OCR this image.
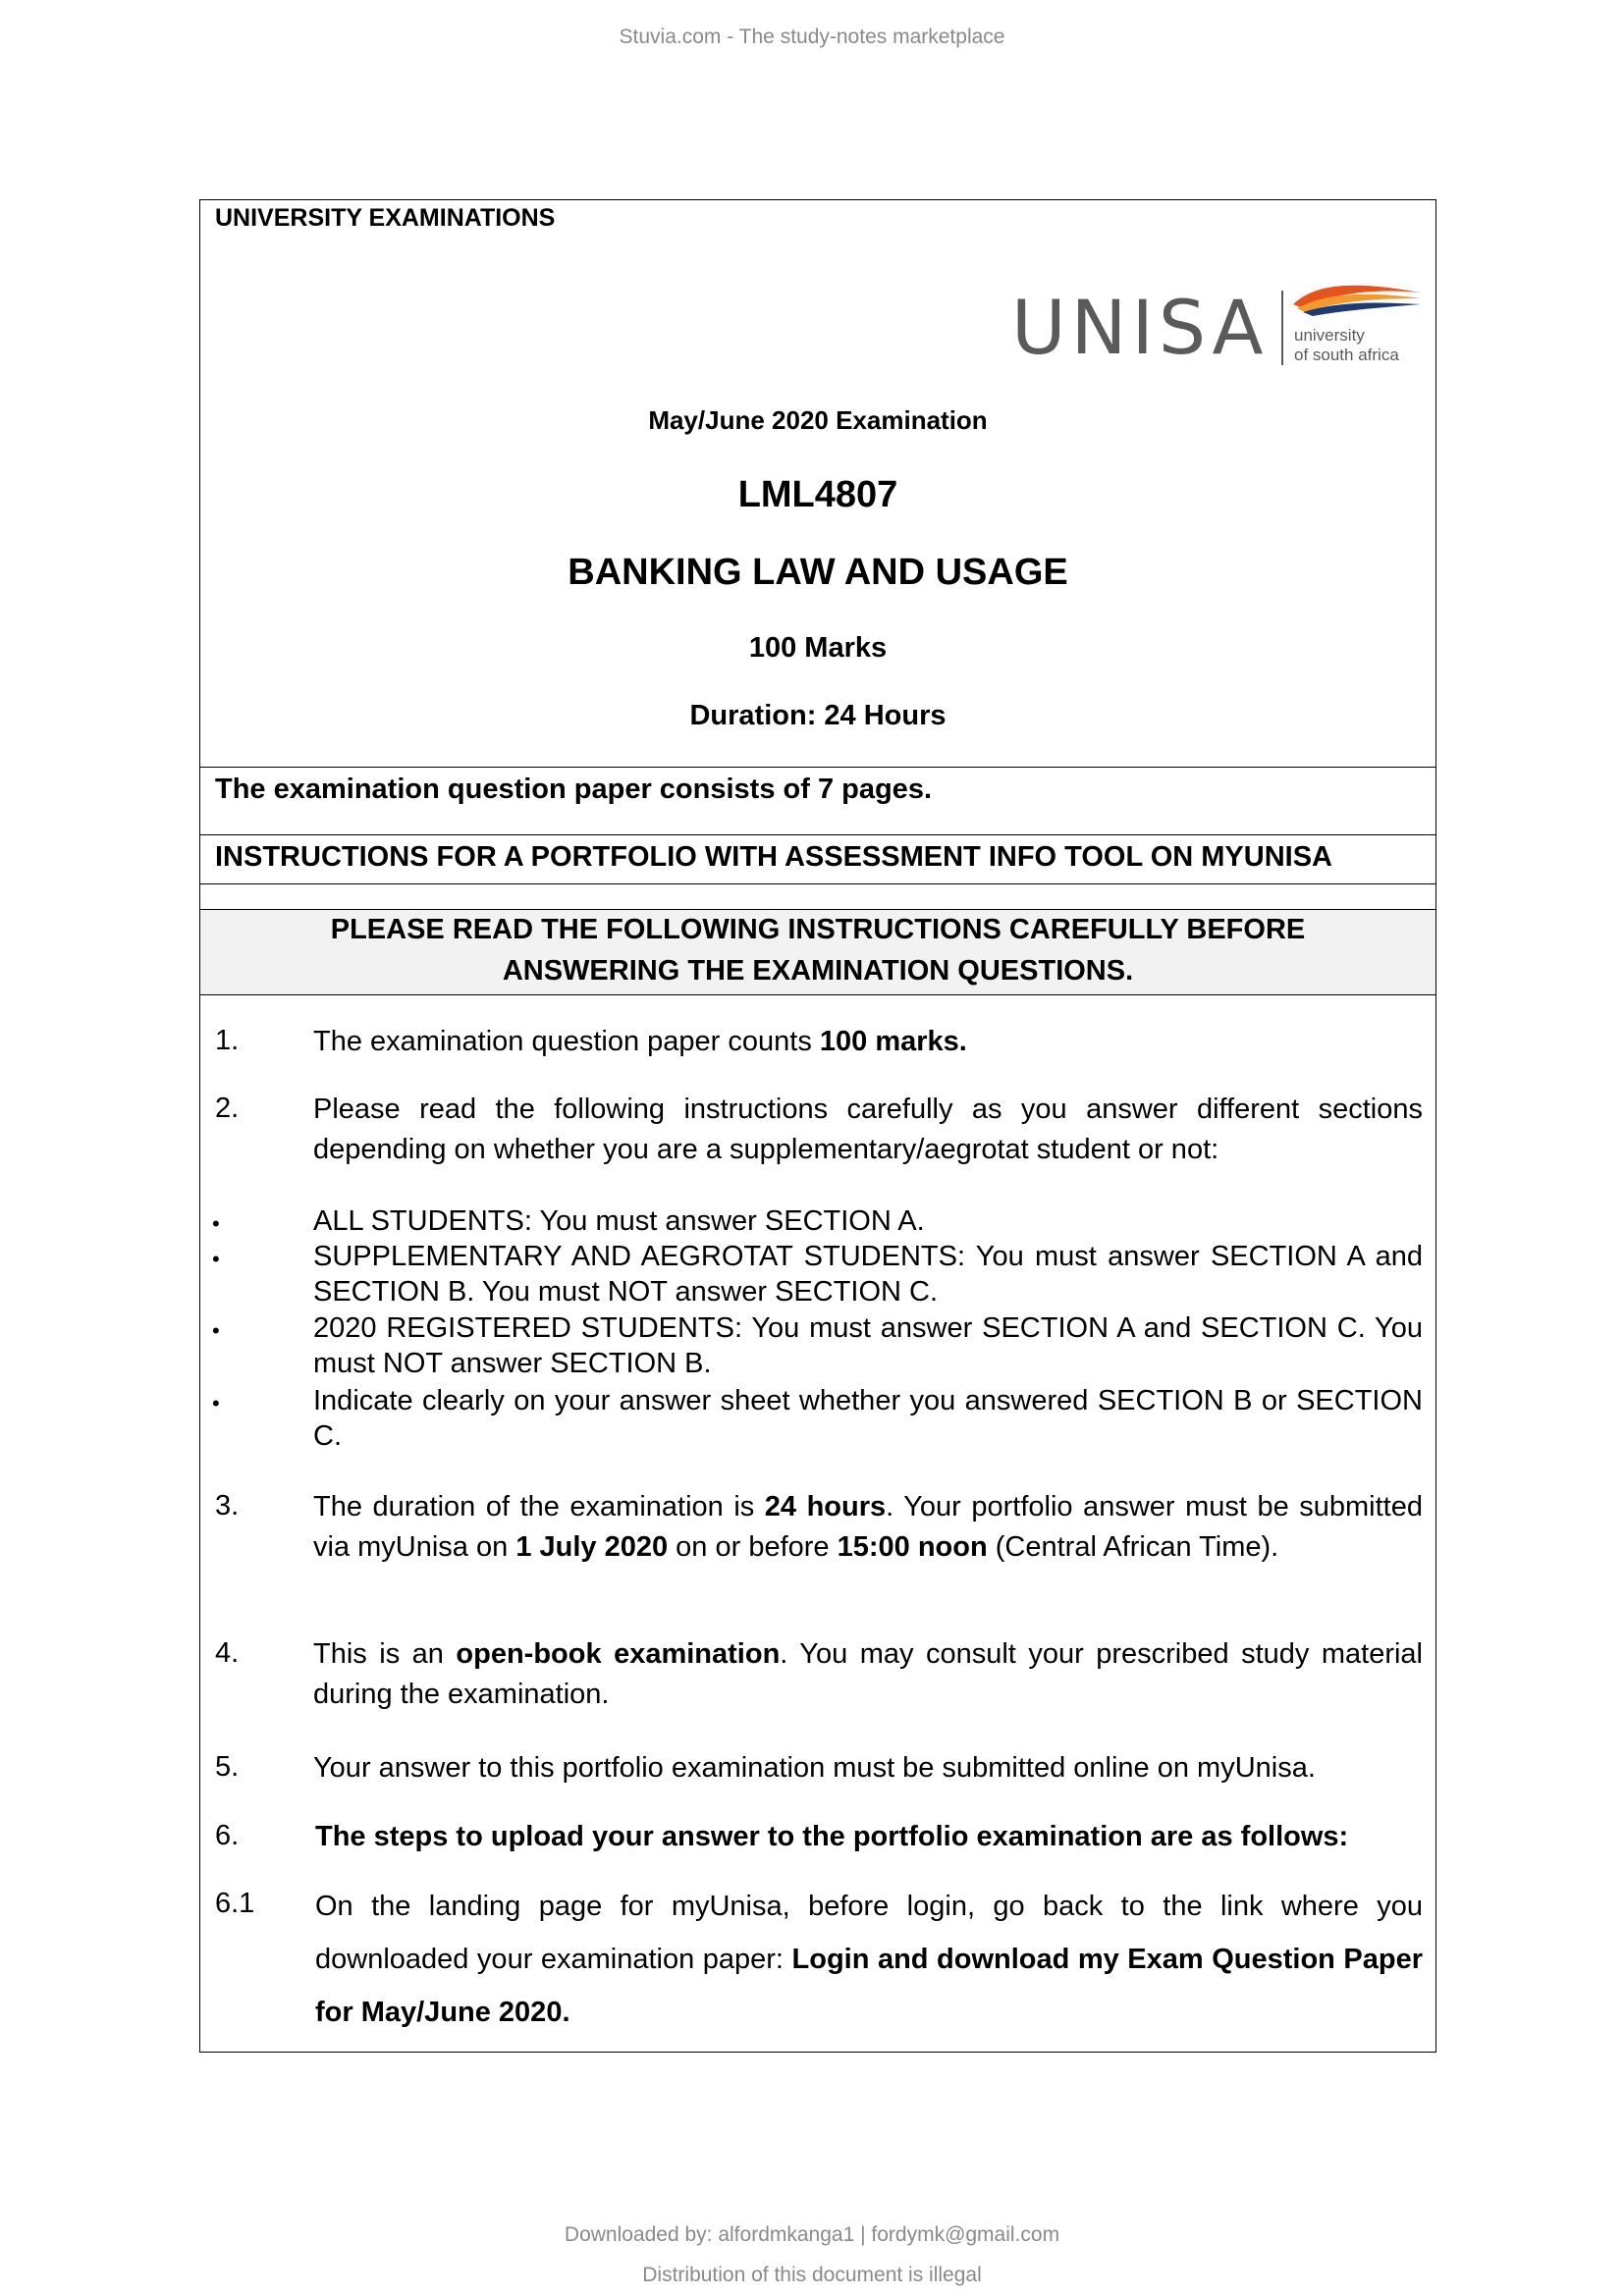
Stuvia.com - The study-notes marketplace
UNIVERSITY EXAMINATIONS
UNISA university
of south africa
May/June 2020 Examination
LML4807
BANKING LAW AND USAGE
100 Marks
Duration: 24 Hours
The examination question paper consists of 7 pages.
INSTRUCTIONS FOR A PORTFOLIO WITH ASSESSMENT INFO TOOL ON MYUNISA
PLEASE READ THE FOLLOWING INSTRUCTIONS CAREFULLY BEFORE
ANSWERING THE EXAMINATION QUESTIONS.
1.	The examination question paper counts 100 marks.
2.	Please read the following instructions carefully as you answer different sections depending on whether you are a supplementary/aegrotat student or not:
•	ALL STUDENTS: You must answer SECTION A.
•	SUPPLEMENTARY AND AEGROTAT STUDENTS: You must answer SECTION A and SECTION B. You must NOT answer SECTION C.
•	2020 REGISTERED STUDENTS: You must answer SECTION A and SECTION C. You must NOT answer SECTION B.
•	Indicate clearly on your answer sheet whether you answered SECTION B or SECTION C.
3.	The duration of the examination is 24 hours. Your portfolio answer must be submitted via myUnisa on 1 July 2020 on or before 15:00 noon (Central African Time).
4.	This is an open-book examination. You may consult your prescribed study material during the examination.
5.	Your answer to this portfolio examination must be submitted online on myUnisa.
6.	The steps to upload your answer to the portfolio examination are as follows:
6.1 On the landing page for myUnisa, before login, go back to the link where you downloaded your examination paper: Login and download my Exam Question Paper for May/June 2020.
Downloaded by: alfordmkanga1 | fordymk@gmail.com
Distribution of this document is illegal
